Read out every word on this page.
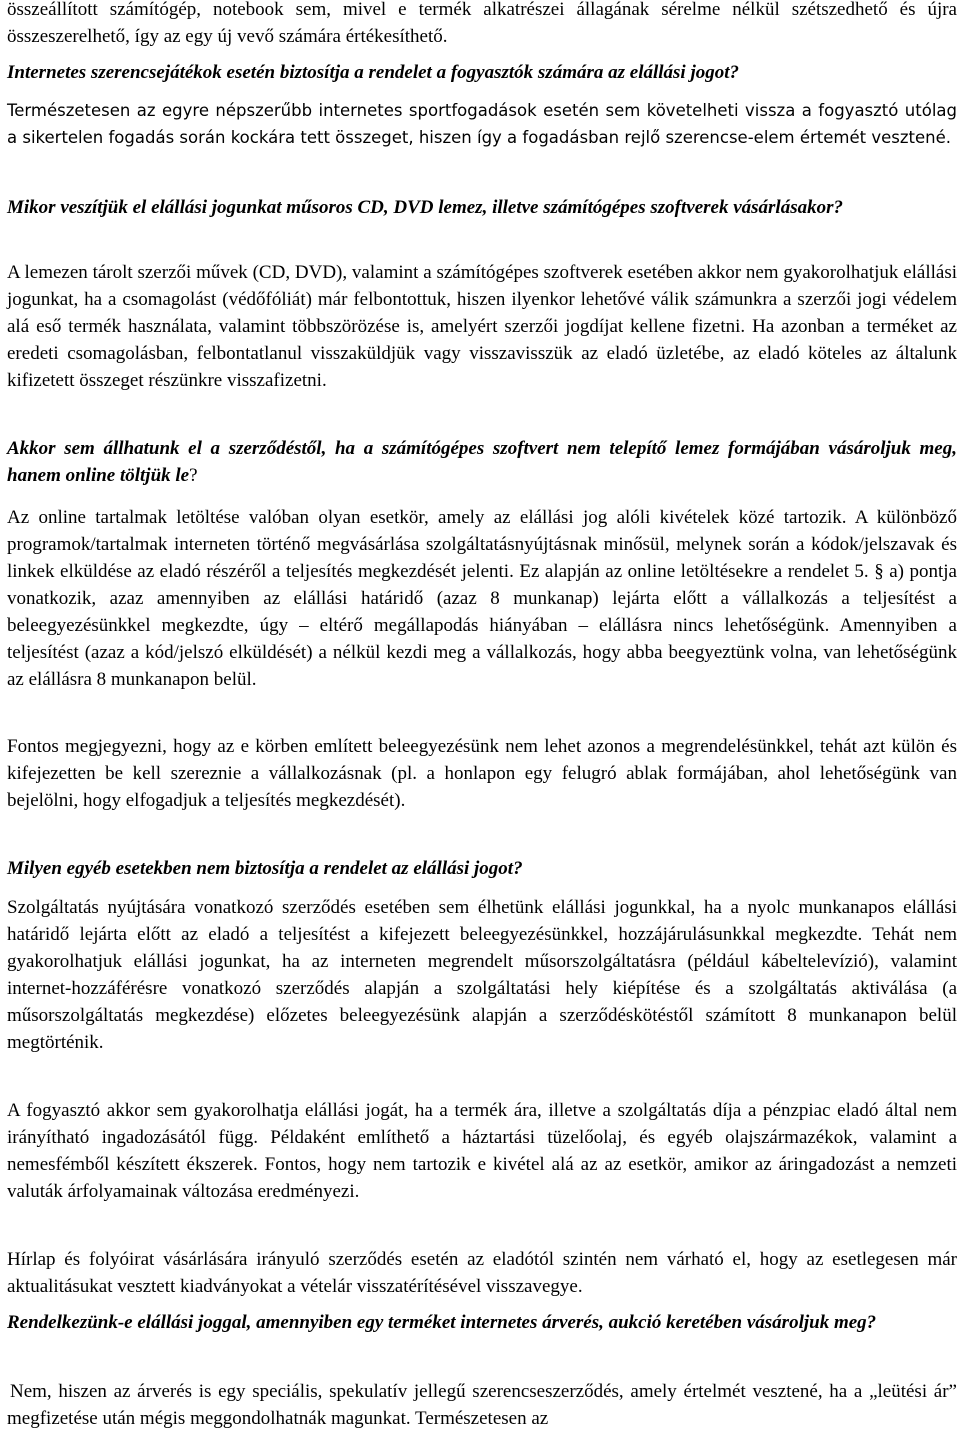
összeállított számítógép, notebook sem, mivel e termék alkatrészei állagának sérelme nélkül szétszedhető és újra összeszerelhető, így az egy új vevő számára értékesíthető.

Internetes szerencsejátékok esetén biztosítja a rendelet a fogyasztók számára az elállási jogot?

Természetesen az egyre népszerűbb internetes sportfogadások esetén sem követelheti vissza a fogyasztó utólag a sikertelen fogadás során kockára tett összeget, hiszen így a fogadásban rejlő szerencse-elem értemét vesztené.

Mikor veszítjük el elállási jogunkat műsoros CD, DVD lemez, illetve számítógépes szoftverek vásárlásakor?

A lemezen tárolt szerzői művek (CD, DVD), valamint a számítógépes szoftverek esetében akkor nem gyakorolhatjuk elállási jogunkat, ha a csomagolást (védőfóliát) már felbontottuk, hiszen ilyenkor lehetővé válik számunkra a szerzői jogi védelem alá eső termék használata, valamint többszörözése is, amelyért szerzői jogdíjat kellene fizetni. Ha azonban a terméket az eredeti csomagolásban, felbontatlanul visszaküldjük vagy visszavisszük az eladó üzletébe, az eladó köteles az általunk kifizetett összeget részünkre visszafizetni.

Akkor sem állhatunk el a szerződéstől, ha a számítógépes szoftvert nem telepítő lemez formájában vásároljuk meg, hanem online töltjük le?

Az online tartalmak letöltése valóban olyan esetkör, amely az elállási jog alóli kivételek közé tartozik. A különböző programok/tartalmak interneten történő megvásárlása szolgáltatásnyújtásnak minősül, melynek során a kódok/jelszavak és linkek elküldése az eladó részéről a teljesítés megkezdését jelenti. Ez alapján az online letöltésekre a rendelet 5. § a) pontja vonatkozik, azaz amennyiben az elállási határidő (azaz 8 munkanap) lejárta előtt a vállalkozás a teljesítést a beleegyezésünkkel megkezdte, úgy – eltérő megállapodás hiányában – elállásra nincs lehetőségünk. Amennyiben a teljesítést (azaz a kód/jelszó elküldését) a nélkül kezdi meg a vállalkozás, hogy abba beegyeztünk volna, van lehetőségünk az elállásra 8 munkanapon belül.

Fontos megjegyezni, hogy az e körben említett beleegyezésünk nem lehet azonos a megrendelésünkkel, tehát azt külön és kifejezetten be kell szereznie a vállalkozásnak (pl. a honlapon egy felugró ablak formájában, ahol lehetőségünk van bejelölni, hogy elfogadjuk a teljesítés megkezdését).

Milyen egyéb esetekben nem biztosítja a rendelet az elállási jogot?

Szolgáltatás nyújtására vonatkozó szerződés esetében sem élhetünk elállási jogunkkal, ha a nyolc munkanapos elállási határidő lejárta előtt az eladó a teljesítést a kifejezett beleegyezésünkkel, hozzájárulásunkkal megkezdte. Tehát nem gyakorolhatjuk elállási jogunkat, ha az interneten megrendelt műsorszolgáltatásra (például kábeltelevízió), valamint internet-hozzáférésre vonatkozó szerződés alapján a szolgáltatási hely kiépítése és a szolgáltatás aktiválása (a műsorszolgáltatás megkezdése) előzetes beleegyezésünk alapján a szerződéskötéstől számított 8 munkanapon belül megtörténik.

A fogyasztó akkor sem gyakorolhatja elállási jogát, ha a termék ára, illetve a szolgáltatás díja a pénzpiac eladó által nem irányítható ingadozásától függ. Példaként említhető a háztartási tüzelőolaj, és egyéb olajszármazékok, valamint a nemesfémből készített ékszerek. Fontos, hogy nem tartozik e kivétel alá az az esetkör, amikor az áringadozást a nemzeti valuták árfolyamainak változása eredményezi.

Hírlap és folyóirat vásárlására irányuló szerződés esetén az eladótól szintén nem várható el, hogy az esetlegesen már aktualitásukat vesztett kiadványokat a vételár visszatérítésével visszavegye.

Rendelkezünk-e elállási joggal, amennyiben egy terméket internetes árverés, aukció keretében vásároljuk meg?

Nem, hiszen az árverés is egy speciális, spekulatív jellegű szerencseszerződés, amely értelmét vesztené, ha a „leütési ár” megfizetése után mégis meggondolhatnák magunkat. Természetesen az
